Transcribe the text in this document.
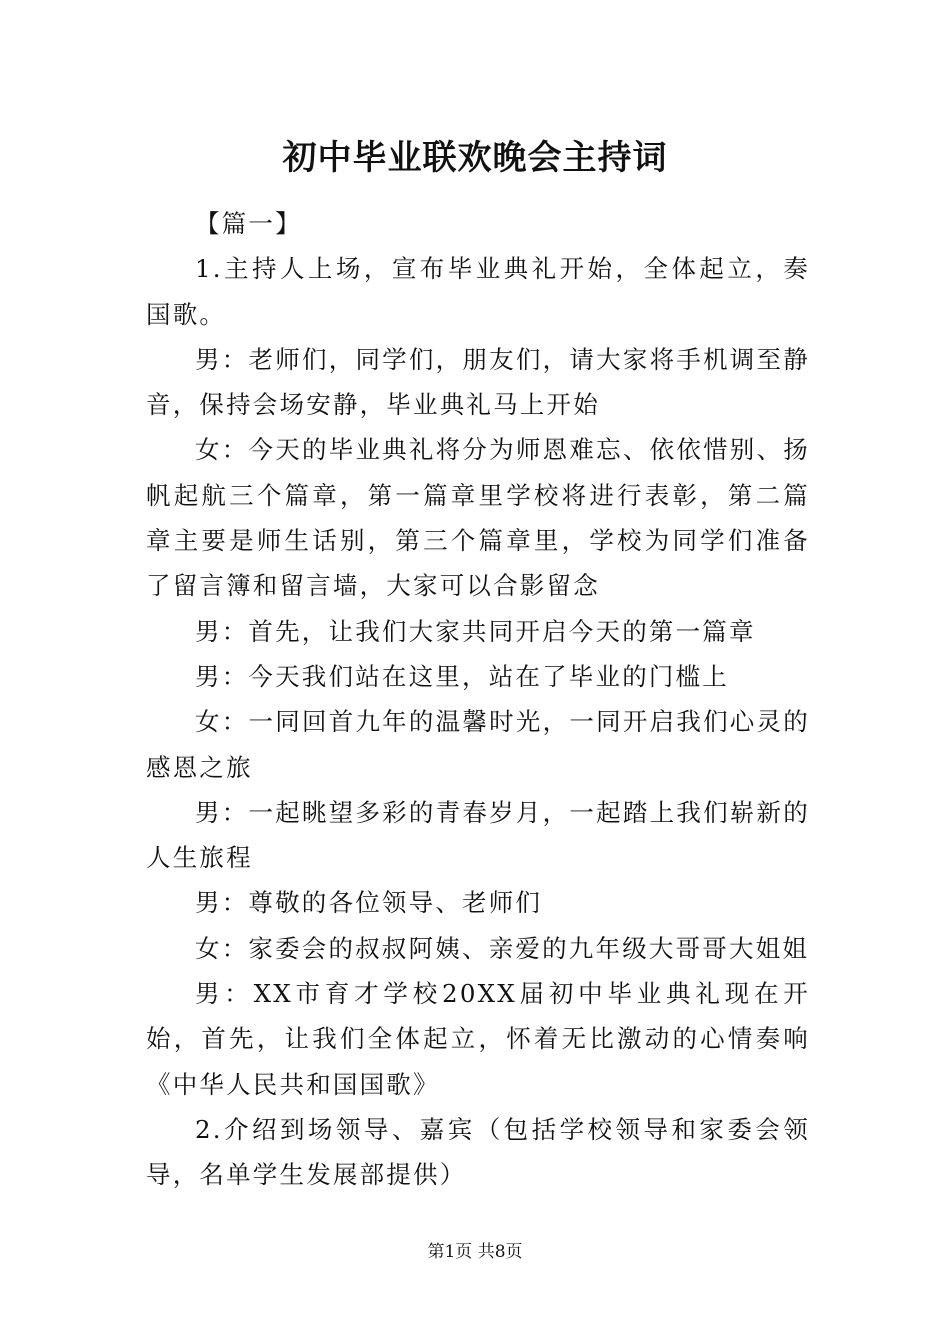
初中毕业联欢晚会主持词

【篇一】

1.主持人上场，宣布毕业典礼开始，全体起立，奏国歌。

男：老师们，同学们，朋友们，请大家将手机调至静音，保持会场安静，毕业典礼马上开始

女：今天的毕业典礼将分为师恩难忘、依依惜别、扬帆起航三个篇章，第一篇章里学校将进行表彰，第二篇章主要是师生话别，第三个篇章里，学校为同学们准备了留言簿和留言墙，大家可以合影留念

男：首先，让我们大家共同开启今天的第一篇章

男：今天我们站在这里，站在了毕业的门槛上

女：一同回首九年的温馨时光，一同开启我们心灵的感恩之旅

男：一起眺望多彩的青春岁月，一起踏上我们崭新的人生旅程

男：尊敬的各位领导、老师们

女：家委会的叔叔阿姨、亲爱的九年级大哥哥大姐姐

男：XX市育才学校20XX届初中毕业典礼现在开始，首先，让我们全体起立，怀着无比激动的心情奏响《中华人民共和国国歌》

2.介绍到场领导、嘉宾（包括学校领导和家委会领导，名单学生发展部提供）

第1页 共8页
